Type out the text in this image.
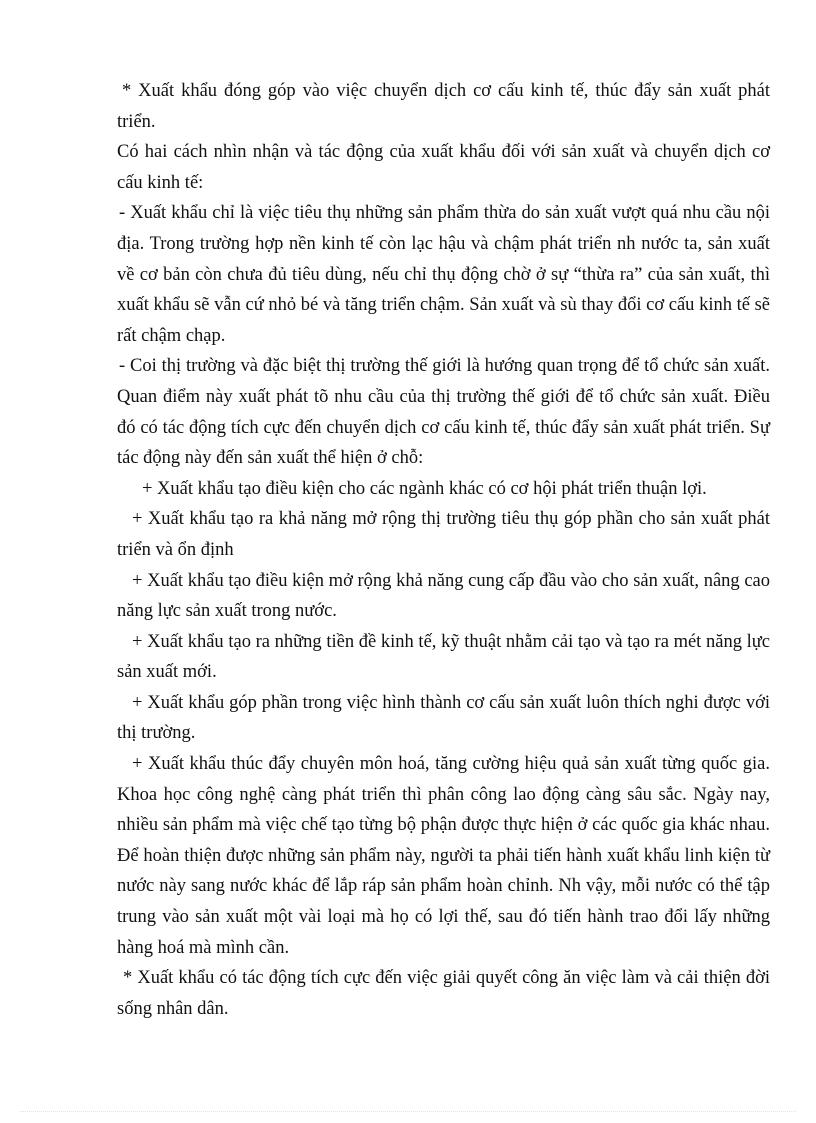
* Xuất khẩu đóng góp vào việc chuyển dịch cơ cấu kinh tế, thúc đẩy sản xuất phát triển.

Có hai cách nhìn nhận và tác động của xuất khẩu đối với sản xuất và chuyển dịch cơ cấu kinh tế:

- Xuất khẩu chỉ là việc tiêu thụ những sản phẩm thừa do sản xuất vượt quá nhu cầu nội địa. Trong trường hợp nền kinh tế còn lạc hậu và chậm phát triển nh nước ta, sản xuất về cơ bản còn chưa đủ tiêu dùng, nếu chỉ thụ động chờ ở sự “thừa ra” của sản xuất, thì xuất khẩu sẽ vẫn cứ nhỏ bé và tăng triển chậm. Sản xuất và sù thay đổi cơ cấu kinh tế sẽ rất chậm chạp.

- Coi thị trường và đặc biệt thị trường thế giới là hướng quan trọng để tổ chức sản xuất. Quan điểm này xuất phát tõ nhu cầu của thị trường thế giới để tổ chức sản xuất. Điều đó có tác động tích cực đến chuyển dịch cơ cấu kinh tế, thúc đẩy sản xuất phát triển. Sự tác động này đến sản xuất thể hiện ở chỗ:

+ Xuất khẩu tạo điều kiện cho các ngành khác có cơ hội phát triển thuận lợi.

+ Xuất khẩu tạo ra khả năng mở rộng thị trường tiêu thụ góp phần cho sản xuất phát triển và ổn định

+ Xuất khẩu tạo điều kiện mở rộng khả năng cung cấp đầu vào cho sản xuất, nâng cao năng lực sản xuất trong nước.

+ Xuất khẩu tạo ra những tiền đề kinh tế, kỹ thuật nhằm cải tạo và tạo ra mét năng lực sản xuất mới.

+ Xuất khẩu góp phần trong việc hình thành cơ cấu sản xuất luôn thích nghi được với thị trường.

+ Xuất khẩu thúc đẩy chuyên môn hoá, tăng cường hiệu quả sản xuất từng quốc gia. Khoa học công nghệ càng phát triển thì phân công lao động càng sâu sắc. Ngày nay, nhiều sản phẩm mà việc chế tạo từng bộ phận được thực hiện ở các quốc gia khác nhau. Để hoàn thiện được những sản phẩm này, người ta phải tiến hành xuất khẩu linh kiện từ nước này sang nước khác để lắp ráp sản phẩm hoàn chỉnh. Nh vậy, mỗi nước có thể tập trung vào sản xuất một vài loại mà họ có lợi thế, sau đó tiến hành trao đổi lấy những hàng hoá mà mình cần.

* Xuất khẩu có tác động tích cực đến việc giải quyết công ăn việc làm và cải thiện đời sống nhân dân.
